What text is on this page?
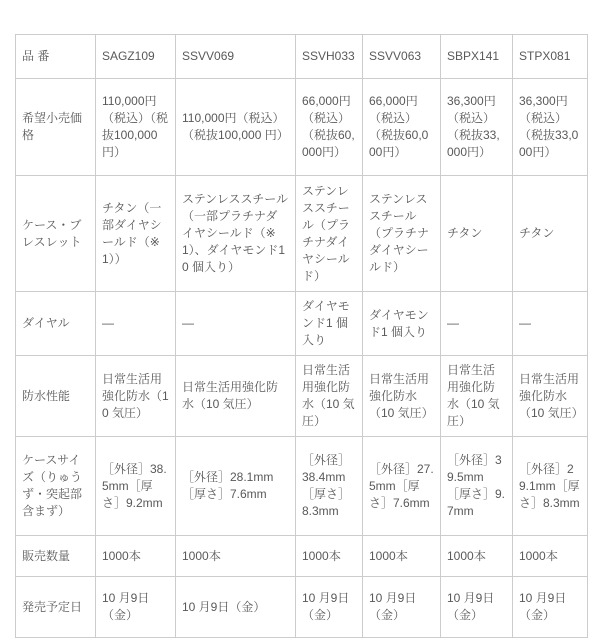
品 番	SAGZ109	SSVV069	SSVH033	SSVV063	SBPX141	STPX081
希望小売価格	110,000円（税込）（税抜100,000円）	110,000円（税込）（税抜100,000 円）	66,000円（税込）（税抜60,000円）	66,000円（税込）（税抜60,000円）	36,300円（税込）（税抜33,000円）	36,300円（税込）（税抜33,000円）
ケース・ブレスレット	チタン（一部ダイヤシールド（※1））	ステンレススチール（一部プラチナダイヤシールド（※1）、ダイヤモンド10 個入り）	ステンレススチール（プラチナダイヤシールド）	ステンレススチール（プラチナダイヤシールド）	チタン	チタン
ダイヤル	—	—	ダイヤモンド1 個入り	ダイヤモンド1 個入り	—	—
防水性能	日常生活用強化防水（10 気圧）	日常生活用強化防水（10 気圧）	日常生活用強化防水（10 気圧）	日常生活用強化防水（10 気圧）	日常生活用強化防水（10 気圧）	日常生活用強化防水（10 気圧）
ケースサイズ（りゅうず・突起部含まず）	［外径］38.5mm［厚さ］9.2mm	［外径］28.1mm［厚さ］7.6mm	［外径］38.4mm［厚さ］8.3mm	［外径］27.5mm［厚さ］7.6mm	［外径］39.5mm［厚さ］9.7mm	［外径］29.1mm［厚さ］8.3mm
販売数量	1000本	1000本	1000本	1000本	1000本	1000本
発売予定日	10 月9日（金）	10 月9日（金）	10 月9日（金）	10 月9日（金）	10 月9日（金）	10 月9日（金）
